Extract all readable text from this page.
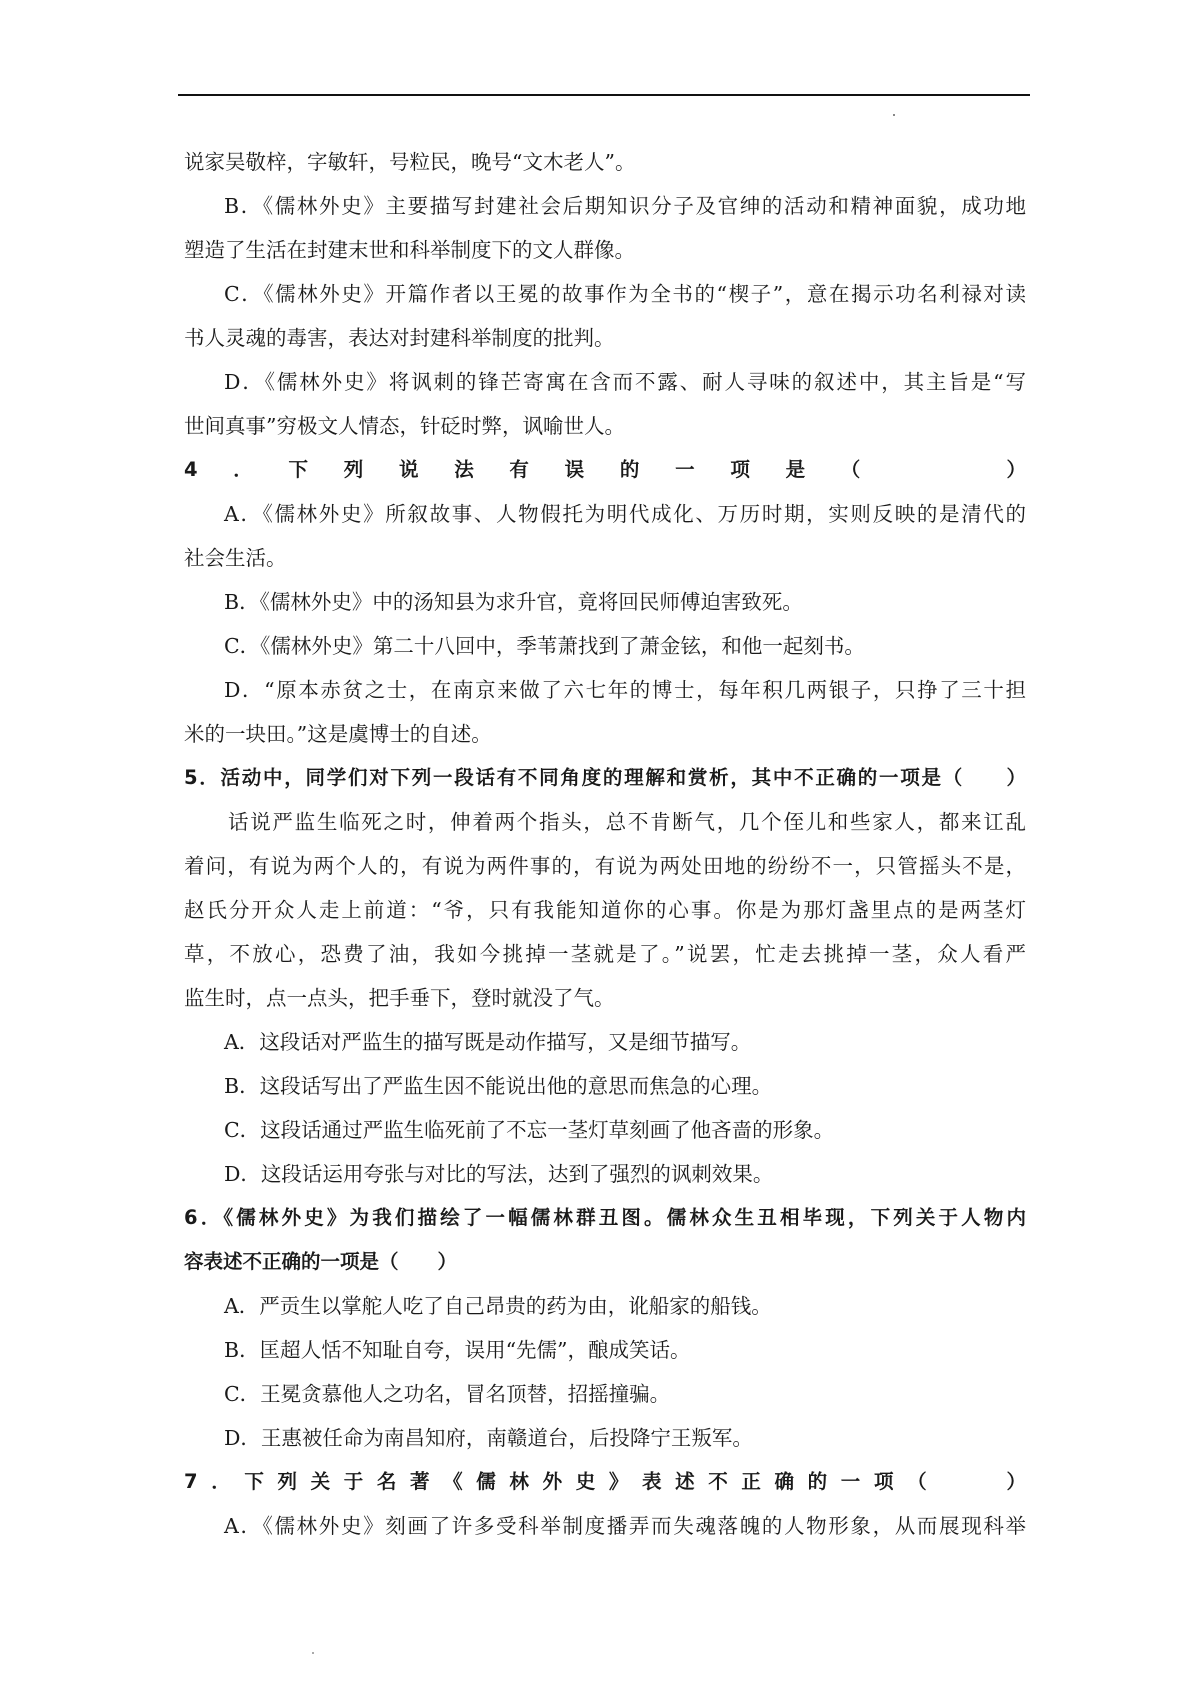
说家吴敬梓，字敏轩，号粒民，晚号“文木老人”。
B．《儒林外史》主要描写封建社会后期知识分子及官绅的活动和精神面貌，成功地
塑造了生活在封建末世和科举制度下的文人群像。
C．《儒林外史》开篇作者以王冕的故事作为全书的“楔子”，意在揭示功名利禄对读
书人灵魂的毒害，表达对封建科举制度的批判。
D．《儒林外史》将讽刺的锋芒寄寓在含而不露、耐人寻味的叙述中，其主旨是“写
世间真事”穷极文人情态，针砭时弊，讽喻世人。
4．下列说法有误的一项是（　　）
A．《儒林外史》所叙故事、人物假托为明代成化、万历时期，实则反映的是清代的
社会生活。
B．《儒林外史》中的汤知县为求升官，竟将回民师傅迫害致死。
C．《儒林外史》第二十八回中，季苇萧找到了萧金铉，和他一起刻书。
D．“原本赤贫之士，在南京来做了六七年的博士，每年积几两银子，只挣了三十担
米的一块田。”这是虞博士的自述。
5．活动中，同学们对下列一段话有不同角度的理解和赏析，其中不正确的一项是（　　）
话说严监生临死之时，伸着两个指头，总不肯断气，几个侄儿和些家人，都来讧乱
着问，有说为两个人的，有说为两件事的，有说为两处田地的纷纷不一，只管摇头不是，
赵氏分开众人走上前道：“爷，只有我能知道你的心事。你是为那灯盏里点的是两茎灯
草，不放心，恐费了油，我如今挑掉一茎就是了。”说罢，忙走去挑掉一茎，众人看严
监生时，点一点头，把手垂下，登时就没了气。
A．这段话对严监生的描写既是动作描写，又是细节描写。
B．这段话写出了严监生因不能说出他的意思而焦急的心理。
C．这段话通过严监生临死前了不忘一茎灯草刻画了他吝啬的形象。
D．这段话运用夸张与对比的写法，达到了强烈的讽刺效果。
6．《儒林外史》为我们描绘了一幅儒林群丑图。儒林众生丑相毕现，下列关于人物内
容表述不正确的一项是（　　）
A．严贡生以掌舵人吃了自己昂贵的药为由，讹船家的船钱。
B．匡超人恬不知耻自夸，误用“先儒”，酿成笑话。
C．王冕贪慕他人之功名，冒名顶替，招摇撞骗。
D．王惠被任命为南昌知府，南赣道台，后投降宁王叛军。
7．下列关于名著《儒林外史》表述不正确的一项（　　）
A．《儒林外史》刻画了许多受科举制度播弄而失魂落魄的人物形象，从而展现科举
